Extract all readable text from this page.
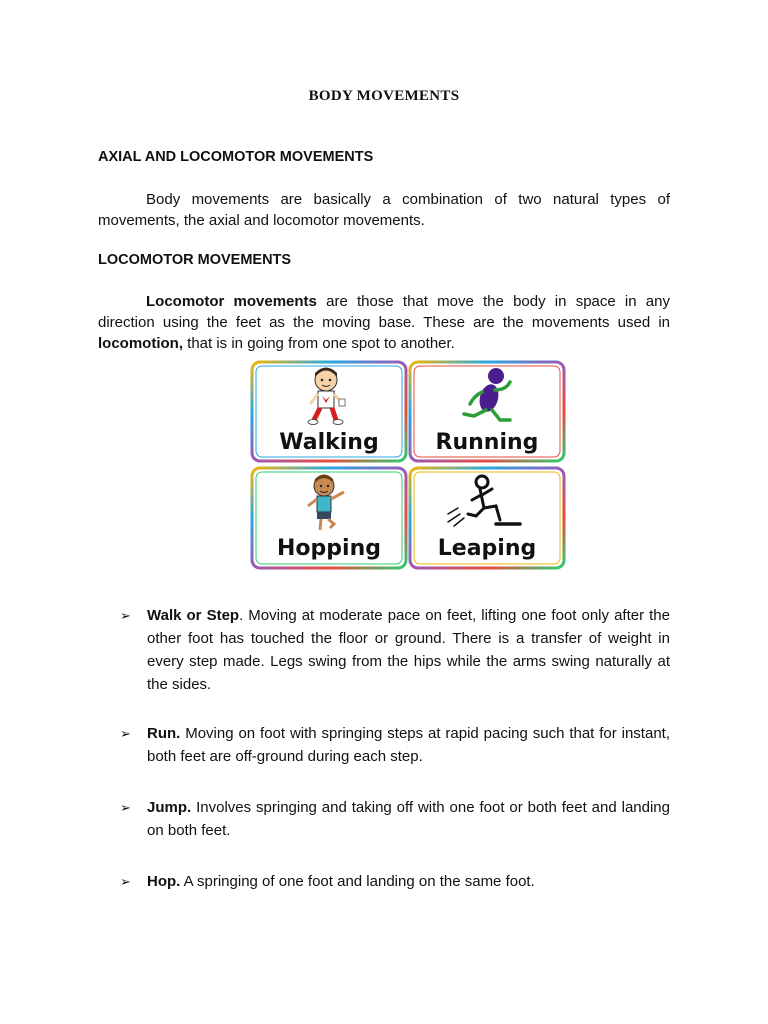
BODY MOVEMENTS
AXIAL AND LOCOMOTOR MOVEMENTS
Body movements are basically a combination of two natural types of movements, the axial and locomotor movements.
LOCOMOTOR MOVEMENTS
Locomotor movements are those that move the body in space in any direction using the feet as the moving base. These are the movements used in locomotion, that is in going from one spot to another.
Walking	Running
Hopping	Leaping
➢ Walk or Step. Moving at moderate pace on feet, lifting one foot only after the other foot has touched the floor or ground. There is a transfer of weight in every step made. Legs swing from the hips while the arms swing naturally at the sides.
➢ Run. Moving on foot with springing steps at rapid pacing such that for instant, both feet are off-ground during each step.
➢ Jump. Involves springing and taking off with one foot or both feet and landing on both feet.
➢ Hop. A springing of one foot and landing on the same foot.
